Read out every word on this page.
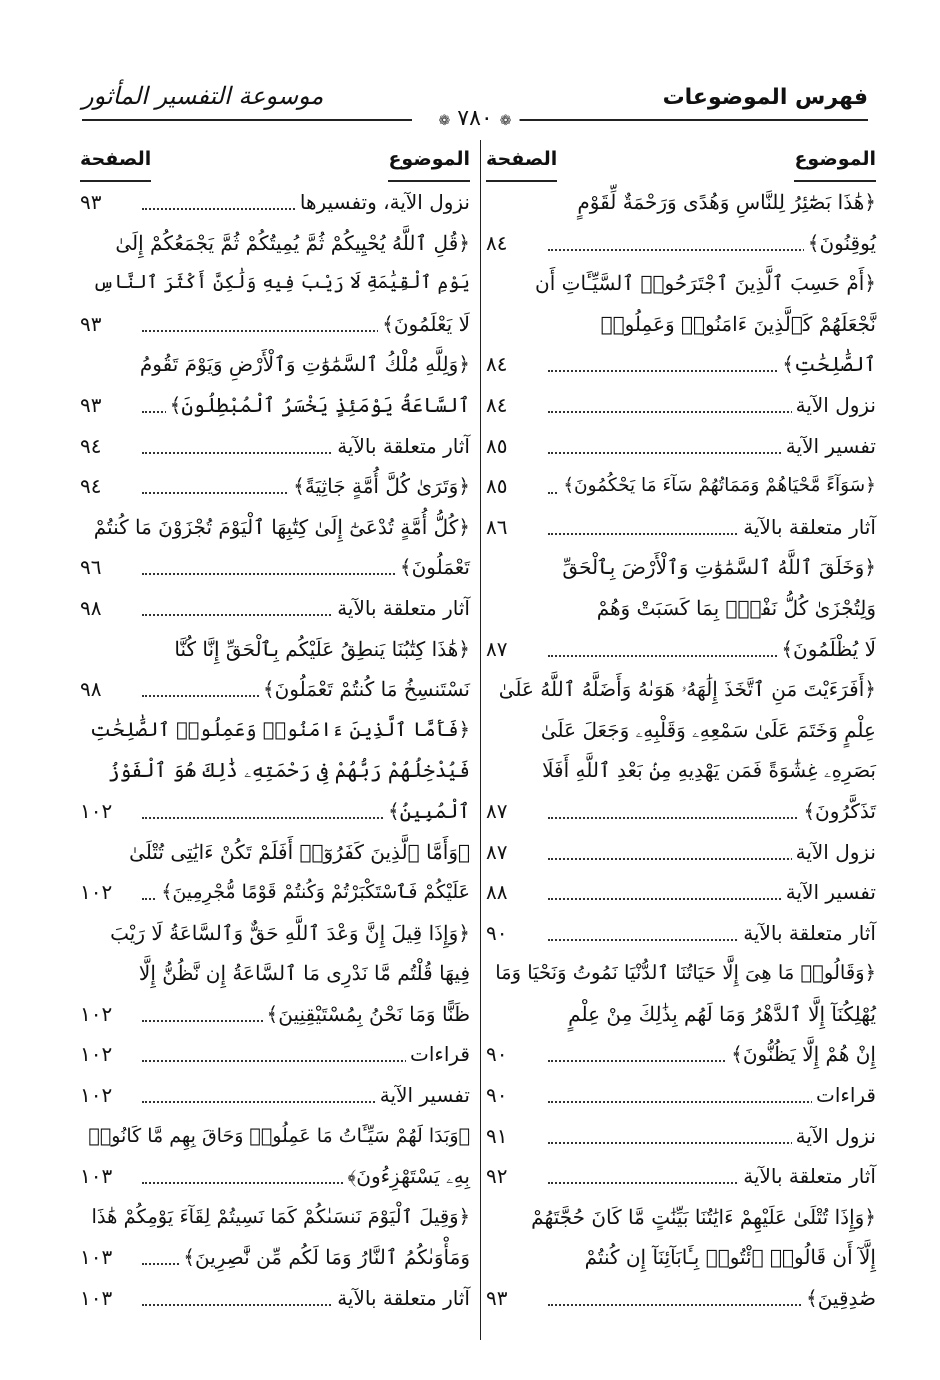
فهرس الموضوعات
موسوعة التفسير المأثور
❁ ٧٨٠ ❁
الموضوع
الصفحة
﴿هَٰذَا بَصَٰٓئِرُ لِلنَّاسِ وَهُدًى وَرَحْمَةٌ لِّقَوْمٍ
٨٤	يُوقِنُونَ﴾
﴿أَمْ حَسِبَ ٱلَّذِينَ ٱجْتَرَحُوا۟ ٱلسَّيِّـَٔاتِ أَن
نَّجْعَلَهُمْ كَٱلَّذِينَ ءَامَنُوا۟ وَعَمِلُوا۟
٨٤	ٱلصَّٰلِحَٰتِ﴾
٨٤	نزول الآية
٨٥	تفسير الآية
٨٥	﴿سَوَآءً مَّحْيَاهُمْ وَمَمَاتُهُمْ سَآءَ مَا يَحْكُمُونَ﴾
٨٦	آثار متعلقة بالآية
﴿وَخَلَقَ ٱللَّهُ ٱلسَّمَٰوَٰتِ وَٱلْأَرْضَ بِٱلْحَقِّ
وَلِتُجْزَىٰ كُلُّ نَفْسٍۭ بِمَا كَسَبَتْ وَهُمْ
٨٧	لَا يُظْلَمُونَ﴾
﴿أَفَرَءَيْتَ مَنِ ٱتَّخَذَ إِلَٰهَهُۥ هَوَىٰهُ وَأَضَلَّهُ ٱللَّهُ عَلَىٰ
عِلْمٍ وَخَتَمَ عَلَىٰ سَمْعِهِۦ وَقَلْبِهِۦ وَجَعَلَ عَلَىٰ
بَصَرِهِۦ غِشَٰوَةً فَمَن يَهْدِيهِ مِنۢ بَعْدِ ٱللَّهِ أَفَلَا
٨٧	تَذَكَّرُونَ﴾
٨٧	نزول الآية
٨٨	تفسير الآية
٩٠	آثار متعلقة بالآية
﴿وَقَالُوا۟ مَا هِىَ إِلَّا حَيَاتُنَا ٱلدُّنْيَا نَمُوتُ وَنَحْيَا وَمَا
يُهْلِكُنَآ إِلَّا ٱلدَّهْرُ وَمَا لَهُم بِذَٰلِكَ مِنْ عِلْمٍ
٩٠	إِنْ هُمْ إِلَّا يَظُنُّونَ﴾
٩٠	قراءات
٩١	نزول الآية
٩٢	آثار متعلقة بالآية
﴿وَإِذَا تُتْلَىٰ عَلَيْهِمْ ءَايَٰتُنَا بَيِّنَٰتٍ مَّا كَانَ حُجَّتَهُمْ
إِلَّآ أَن قَالُوا۟ ٱئْتُوا۟ بِـَٔابَآئِنَآ إِن كُنتُمْ
٩٣	صَٰدِقِينَ﴾
الموضوع
الصفحة
٩٣	نزول الآية، وتفسيرها
﴿قُلِ ٱللَّهُ يُحْيِيكُمْ ثُمَّ يُمِيتُكُمْ ثُمَّ يَجْمَعُكُمْ إِلَىٰ
يَوْمِ ٱلْقِيَٰمَةِ لَا رَيْبَ فِيهِ وَلَٰكِنَّ أَكْثَرَ ٱلنَّاسِ
٩٣	لَا يَعْلَمُونَ﴾
﴿وَلِلَّهِ مُلْكُ ٱلسَّمَٰوَٰتِ وَٱلْأَرْضِ وَيَوْمَ تَقُومُ
٩٣	ٱلسَّاعَةُ يَوْمَئِذٍ يَخْسَرُ ٱلْمُبْطِلُونَ﴾
٩٤	آثار متعلقة بالآية
٩٤	﴿وَتَرَىٰ كُلَّ أُمَّةٍ جَاثِيَةً﴾
﴿كُلُّ أُمَّةٍ تُدْعَىٰٓ إِلَىٰ كِتَٰبِهَا ٱلْيَوْمَ تُجْزَوْنَ مَا كُنتُمْ
٩٦	تَعْمَلُونَ﴾
٩٨	آثار متعلقة بالآية
﴿هَٰذَا كِتَٰبُنَا يَنطِقُ عَلَيْكُم بِٱلْحَقِّ إِنَّا كُنَّا
٩٨	نَسْتَنسِخُ مَا كُنتُمْ تَعْمَلُونَ﴾
﴿فَأَمَّا ٱلَّذِينَ ءَامَنُوا۟ وَعَمِلُوا۟ ٱلصَّٰلِحَٰتِ
فَيُدْخِلُهُمْ رَبُّهُمْ فِى رَحْمَتِهِۦ ذَٰلِكَ هُوَ ٱلْفَوْزُ
١٠٢	ٱلْمُبِينُ﴾
﴿وَأَمَّا ٱلَّذِينَ كَفَرُوٓا۟ أَفَلَمْ تَكُنْ ءَايَٰتِى تُتْلَىٰ
١٠٢	عَلَيْكُمْ فَٱسْتَكْبَرْتُمْ وَكُنتُمْ قَوْمًا مُّجْرِمِينَ﴾
﴿وَإِذَا قِيلَ إِنَّ وَعْدَ ٱللَّهِ حَقٌّ وَٱلسَّاعَةُ لَا رَيْبَ
فِيهَا قُلْتُم مَّا نَدْرِى مَا ٱلسَّاعَةُ إِن نَّظُنُّ إِلَّا
١٠٢	ظَنًّا وَمَا نَحْنُ بِمُسْتَيْقِنِينَ﴾
١٠٢	قراءات
١٠٢	تفسير الآية
﴿وَبَدَا لَهُمْ سَيِّـَٔاتُ مَا عَمِلُوا۟ وَحَاقَ بِهِم مَّا كَانُوا۟
١٠٣	بِهِۦ يَسْتَهْزِءُونَ﴾
﴿وَقِيلَ ٱلْيَوْمَ نَنسَىٰكُمْ كَمَا نَسِيتُمْ لِقَآءَ يَوْمِكُمْ هَٰذَا
١٠٣	وَمَأْوَىٰكُمُ ٱلنَّارُ وَمَا لَكُم مِّن نَّٰصِرِينَ﴾
١٠٣	آثار متعلقة بالآية
